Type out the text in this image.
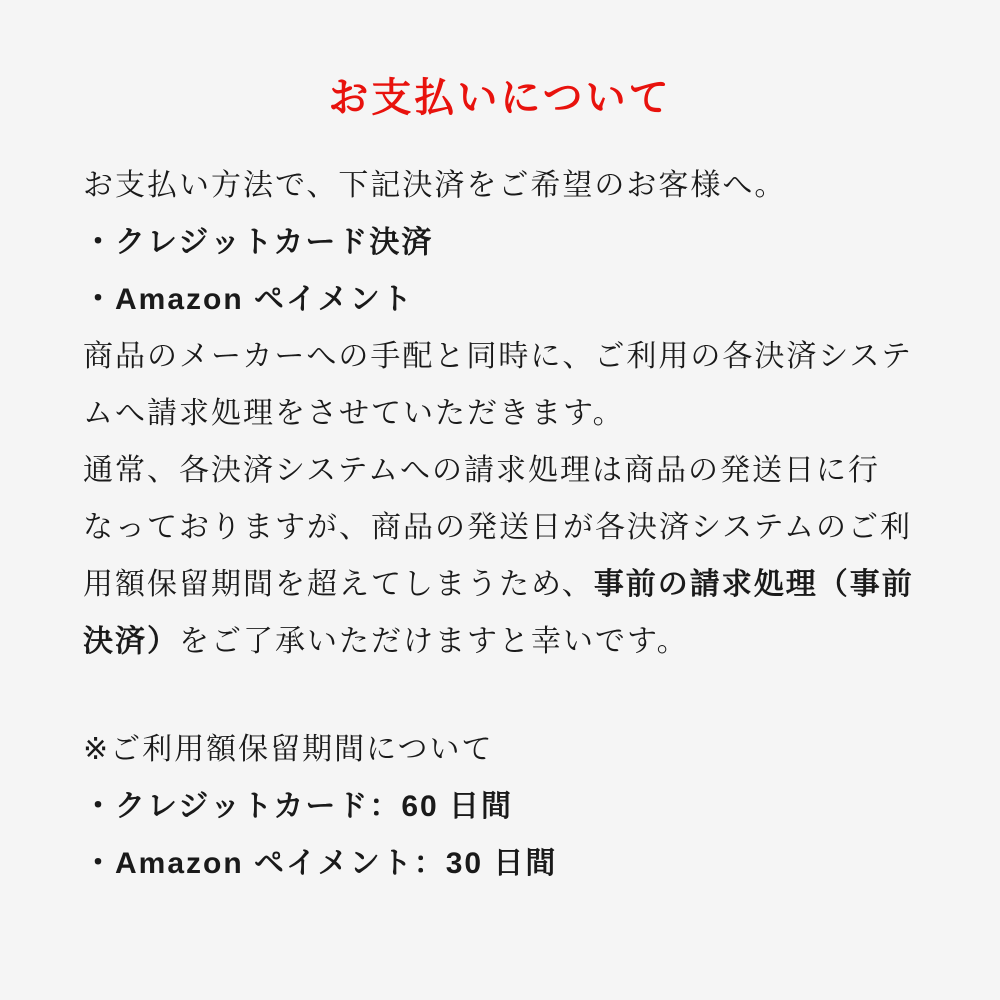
お支払いについて
お支払い方法で、下記決済をご希望のお客様へ。
・クレジットカード決済
・Amazon ペイメント
商品のメーカーへの手配と同時に、ご利用の各決済システ
ムへ請求処理をさせていただきます。
通常、各決済システムへの請求処理は商品の発送日に行
なっておりますが、商品の発送日が各決済システムのご利
用額保留期間を超えてしまうため、事前の請求処理（事前
決済）をご了承いただけますと幸いです。
※ご利用額保留期間について
・クレジットカード：60 日間
・Amazon ペイメント：30 日間
